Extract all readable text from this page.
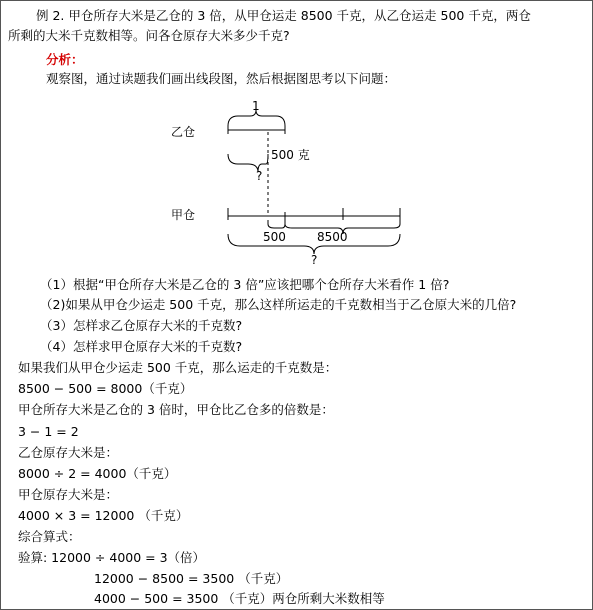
例 2. 甲仓所存大米是乙仓的 3 倍，从甲仓运走 8500 千克，从乙仓运走 500 千克，两仓
所剩的大米千克数相等。问各仓原存大米多少千克?
分析：
观察图，通过读题我们画出线段图，然后根据图思考以下问题：
乙仓
1
500 克
?
甲仓
500	8500
?
（1）根据“甲仓所存大米是乙仓的 3 倍”应该把哪个仓所存大米看作 1 倍?
（2)如果从甲仓少运走 500 千克，那么这样所运走的千克数相当于乙仓原大米的几倍?
（3）怎样求乙仓原存大米的千克数?
（4）怎样求甲仓原存大米的千克数?
如果我们从甲仓少运走 500 千克，那么运走的千克数是：
8500 − 500 = 8000（千克）
甲仓所存大米是乙仓的 3 倍时，甲仓比乙仓多的倍数是：
3 − 1 = 2
乙仓原存大米是：
8000 ÷ 2 = 4000（千克）
甲仓原存大米是：
4000 × 3 = 12000 （千克）
综合算式：
验算: 12000 ÷ 4000 = 3（倍）
12000 − 8500 = 3500 （千克）
4000 − 500 = 3500 （千克）两仓所剩大米数相等
